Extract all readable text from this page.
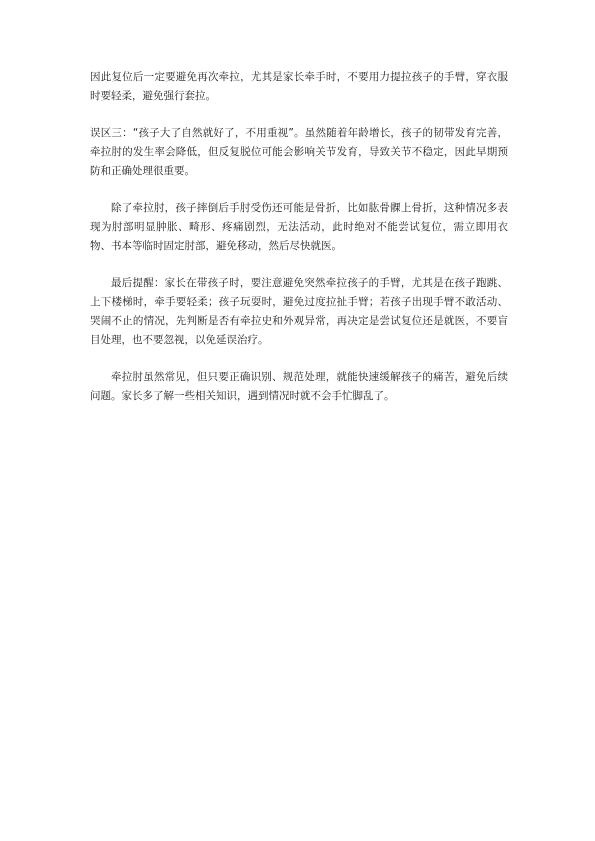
因此复位后一定要避免再次牵拉，尤其是家长牵手时，不要用力提拉孩子的手臂，穿衣服时要轻柔，避免强行套拉。

误区三：“孩子大了自然就好了，不用重视”。虽然随着年龄增长，孩子的韧带发育完善，牵拉肘的发生率会降低，但反复脱位可能会影响关节发育，导致关节不稳定，因此早期预防和正确处理很重要。

除了牵拉肘，孩子摔倒后手肘受伤还可能是骨折，比如肱骨髁上骨折，这种情况多表现为肘部明显肿胀、畸形、疼痛剧烈，无法活动，此时绝对不能尝试复位，需立即用衣物、书本等临时固定肘部，避免移动，然后尽快就医。

最后提醒：家长在带孩子时，要注意避免突然牵拉孩子的手臂，尤其是在孩子跑跳、上下楼梯时，牵手要轻柔；孩子玩耍时，避免过度拉扯手臂；若孩子出现手臂不敢活动、哭闹不止的情况，先判断是否有牵拉史和外观异常，再决定是尝试复位还是就医，不要盲目处理，也不要忽视，以免延误治疗。

牵拉肘虽然常见，但只要正确识别、规范处理，就能快速缓解孩子的痛苦，避免后续问题。家长多了解一些相关知识，遇到情况时就不会手忙脚乱了。
